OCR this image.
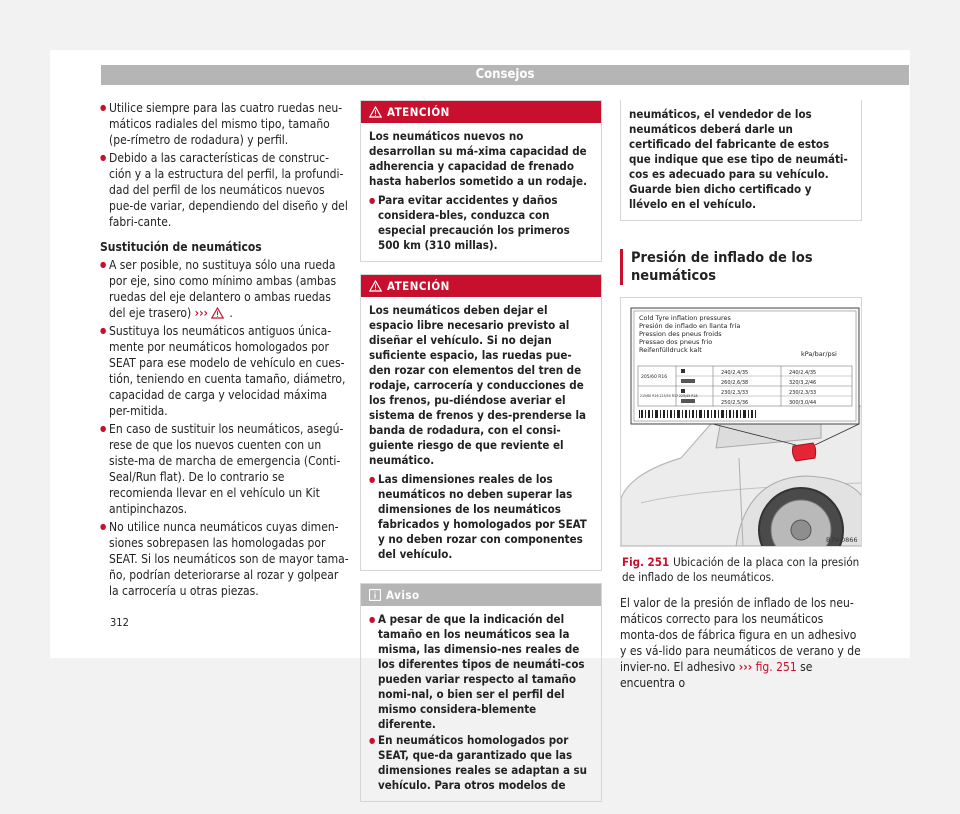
Consejos
● Utilice siempre para las cuatro ruedas neu-máticos radiales del mismo tipo, tamaño (pe-rímetro de rodadura) y perfil.
● Debido a las características de construc-ción y a la estructura del perfil, la profundi-dad del perfil de los neumáticos nuevos pue-de variar, dependiendo del diseño y del fabri-cante.
Sustitución de neumáticos
● A ser posible, no sustituya sólo una rueda por eje, sino como mínimo ambas (ambas ruedas del eje delantero o ambas ruedas del eje trasero) ››› .
● Sustituya los neumáticos antiguos única-mente por neumáticos homologados por SEAT para ese modelo de vehículo en cues-tión, teniendo en cuenta tamaño, diámetro, capacidad de carga y velocidad máxima per-mitida.
● En caso de sustituir los neumáticos, asegú-rese de que los nuevos cuenten con un siste-ma de marcha de emergencia (Conti-Seal/Run flat). De lo contrario se recomienda llevar en el vehículo un Kit antipinchazos.
● No utilice nunca neumáticos cuyas dimen-siones sobrepasen las homologadas por SEAT. Si los neumáticos son de mayor tama-ño, podrían deteriorarse al rozar y golpear la carrocería u otras piezas.
ATENCIÓN

Los neumáticos nuevos no desarrollan su má-xima capacidad de adherencia y capacidad de frenado hasta haberlos sometido a un rodaje.

● Para evitar accidentes y daños considera-bles, conduzca con especial precaución los primeros 500 km (310 millas).
ATENCIÓN

Los neumáticos deben dejar el espacio libre necesario previsto al diseñar el vehículo. Si no dejan suficiente espacio, las ruedas pue-den rozar con elementos del tren de rodaje, carrocería y conducciones de los frenos, pu-diéndose averiar el sistema de frenos y des-prenderse la banda de rodadura, con el consi-guiente riesgo de que reviente el neumático.

● Las dimensiones reales de los neumáticos no deben superar las dimensiones de los neumáticos fabricados y homologados por SEAT y no deben rozar con componentes del vehículo.
Aviso
● A pesar de que la indicación del tamaño en los neumáticos sea la misma, las dimensio-nes reales de los diferentes tipos de neumáti-cos pueden variar respecto al tamaño nomi-nal, o bien ser el perfil del mismo considera-blemente diferente.
● En neumáticos homologados por SEAT, que-da garantizado que las dimensiones reales se adaptan a su vehículo. Para otros modelos de
neumáticos, el vendedor de los neumáticos deberá darle un certificado del fabricante de estos que indique que ese tipo de neumáti-cos es adecuado para su vehículo. Guarde bien dicho certificado y llévelo en el vehículo.
Presión de inflado de los neumáticos
Cold Tyre inflation pressures
Presión de inflado en llanta fría
Pression des pneus froids
Pressao dos pneus frio
Reifenfülldruck kalt	kPa/bar/psi
205/60 R16
215/60 R16 225/50 R17 225/45 R18
240/2,4/35	240/2,4/35
260/2,6/38	320/3,2/46
230/2,3/33	230/2,3/33
250/2,5/36	300/3,0/44
B7V-0866
Fig. 251 Ubicación de la placa con la presión de inflado de los neumáticos.

El valor de la presión de inflado de los neu-máticos correcto para los neumáticos monta-dos de fábrica figura en un adhesivo y es vá-lido para neumáticos de verano y de invier-no. El adhesivo ››› fig. 251 se encuentra o

312
